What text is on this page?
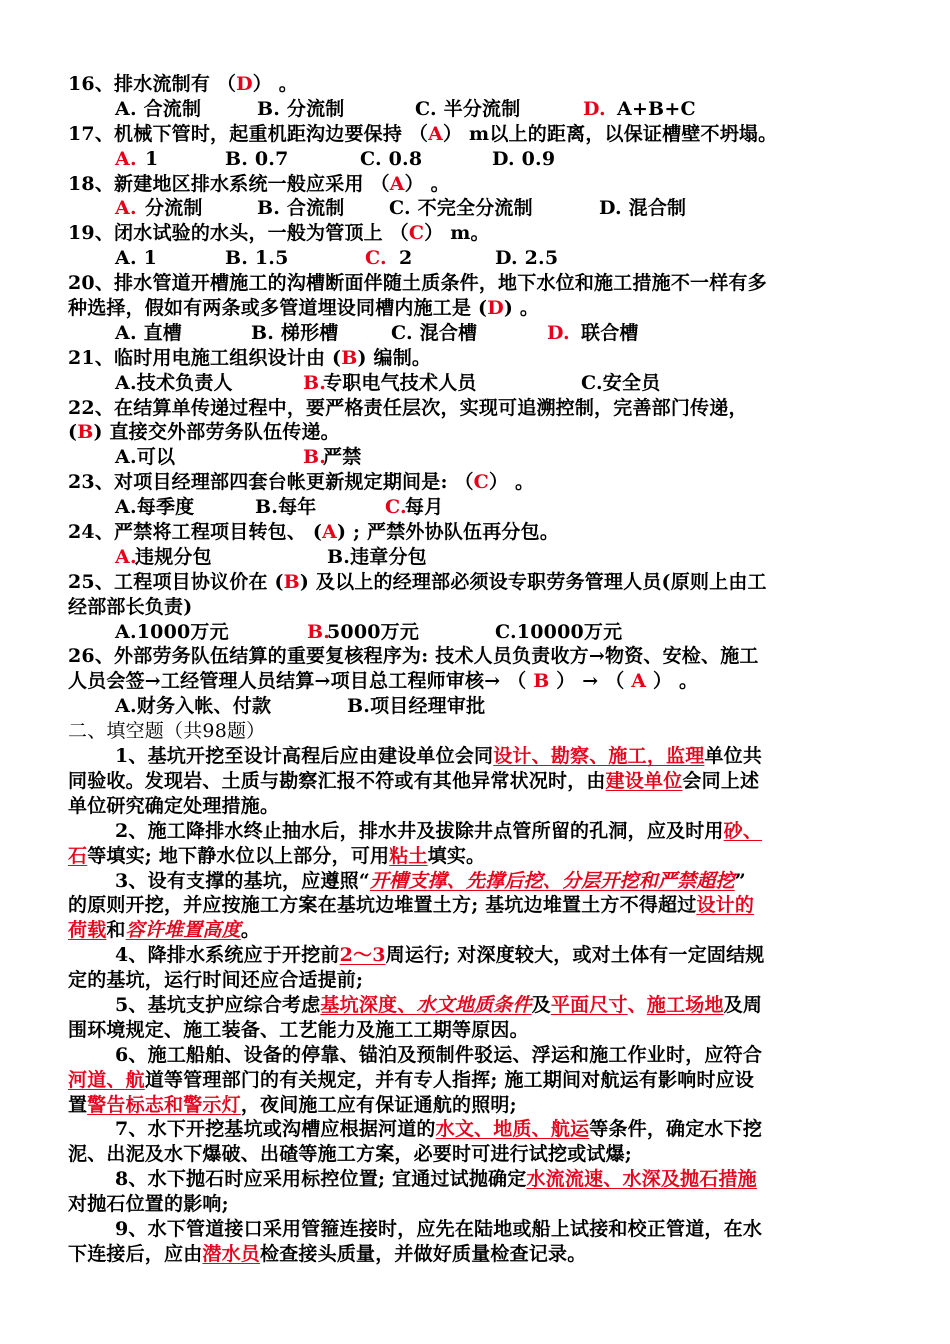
16、排水流制有 （D） 。
A. 合流制	B. 分流制	C. 半分流制	D. A+B+C
17、机械下管时，起重机距沟边要保持 （A） m以上的距离，以保证槽壁不坍塌。
A. 1	B. 0.7	C. 0.8	D. 0.9
18、新建地区排水系统一般应采用 （A） 。
A. 分流制	B. 合流制 C. 不完全分流制	D. 混合制
19、闭水试验的水头，一般为管顶上 （C） m。
A. 1	B. 1.5	C. 2	D. 2.5
20、排水管道开槽施工的沟槽断面伴随土质条件，地下水位和施工措施不一样有多
种选择，假如有两条或多管道埋设同槽内施工是 (D) 。
A. 直槽	B. 梯形槽	C. 混合槽	D. 联合槽
21、临时用电施工组织设计由 (B) 编制。
A.技术负责人	B.专职电气技术人员	C.安全员
22、在结算单传递过程中，要严格责任层次，实现可追溯控制，完善部门传递，
(B) 直接交外部劳务队伍传递。
A.可以	B.严禁
23、对项目经理部四套台帐更新规定期间是: （C） 。
A.每季度	B.每年	C.每月
24、严禁将工程项目转包、 (A) ; 严禁外协队伍再分包。
A.违规分包	B.违章分包
25、工程项目协议价在 (B) 及以上的经理部必须设专职劳务管理人员(原则上由工
经部部长负责)
A.1000万元	B.5000万元	C.10000万元
26、外部劳务队伍结算的重要复核程序为: 技术人员负责收方→物资、安检、施工
人员会签→工经管理人员结算→项目总工程师审核→ （ B ） → （ A ） 。
A.财务入帐、付款	B.项目经理审批
二、填空题（共98题）
1、基坑开挖至设计高程后应由建设单位会同设计、勘察、施工，监理单位共
同验收。发现岩、土质与勘察汇报不符或有其他异常状况时，由建设单位会同上述
单位研究确定处理措施。
2、施工降排水终止抽水后，排水井及拔除井点管所留的孔洞，应及时用砂、
石等填实; 地下静水位以上部分，可用粘土填实。
3、设有支撑的基坑，应遵照“开槽支撑、先撑后挖、分层开挖和严禁超挖”
的原则开挖，并应按施工方案在基坑边堆置土方; 基坑边堆置土方不得超过设计的
荷载和容许堆置高度。
4、降排水系统应于开挖前2～3周运行; 对深度较大，或对土体有一定固结规
定的基坑，运行时间还应合适提前;
5、基坑支护应综合考虑基坑深度、水文地质条件及平面尺寸、施工场地及周
围环境规定、施工装备、工艺能力及施工工期等原因。
6、施工船舶、设备的停靠、锚泊及预制件驳运、浮运和施工作业时，应符合
河道、航道等管理部门的有关规定，并有专人指挥; 施工期间对航运有影响时应设
置警告标志和警示灯，夜间施工应有保证通航的照明;
7、水下开挖基坑或沟槽应根据河道的水文、地质、航运等条件，确定水下挖
泥、出泥及水下爆破、出碴等施工方案，必要时可进行试挖或试爆;
8、水下抛石时应采用标控位置; 宜通过试抛确定水流流速、水深及抛石措施
对抛石位置的影响;
9、水下管道接口采用管箍连接时，应先在陆地或船上试接和校正管道，在水
下连接后，应由潜水员检查接头质量，并做好质量检查记录。
